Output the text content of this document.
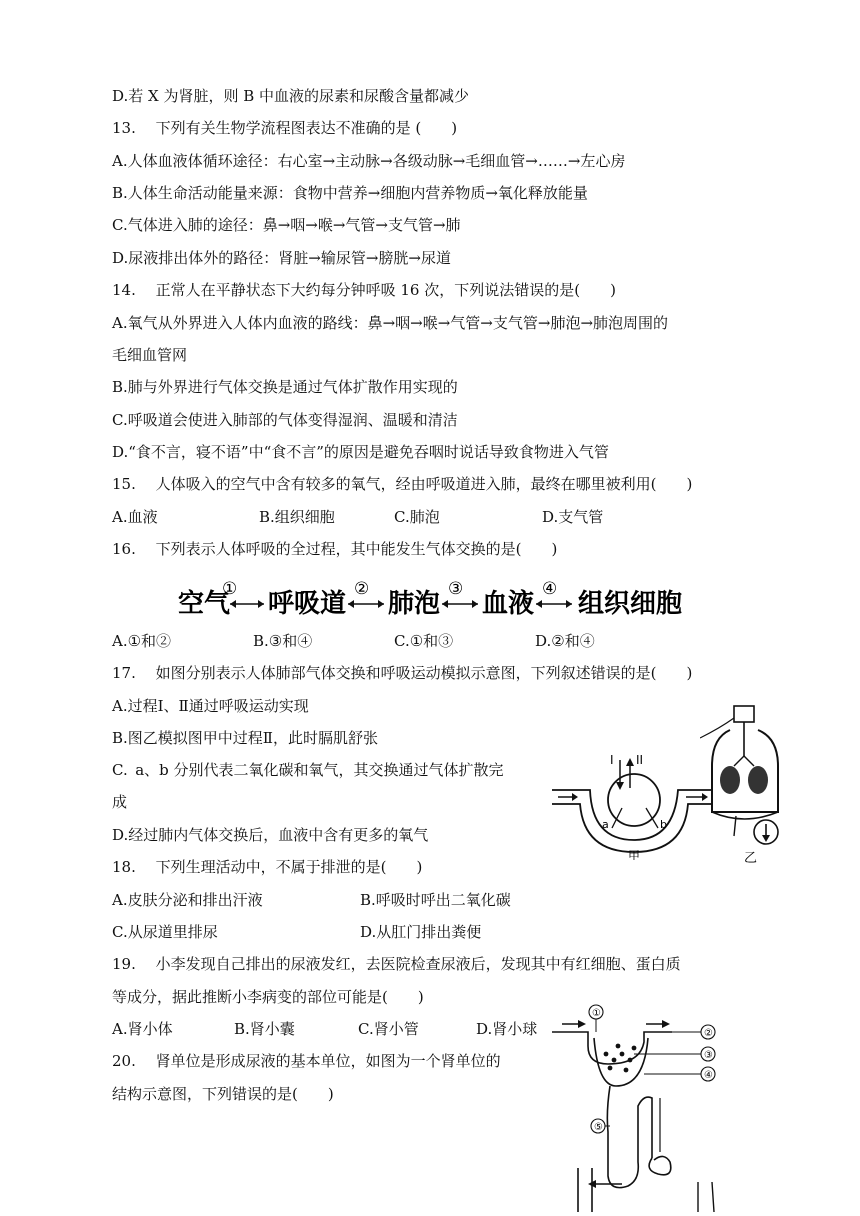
D.若 X 为肾脏，则 B 中血液的尿素和尿酸含量都减少
13.　 下列有关生物学流程图表达不准确的是 (　　)
A.人体血液体循环途径：右心室→主动脉→各级动脉→毛细血管→……→左心房
B.人体生命活动能量来源：食物中营养→细胞内营养物质→氧化释放能量
C.气体进入肺的途径：鼻→咽→喉→气管→支气管→肺
D.尿液排出体外的路径：肾脏→输尿管→膀胱→尿道
14.　 正常人在平静状态下大约每分钟呼吸 16 次，下列说法错误的是(　　)
A.氧气从外界进入人体内血液的路线：鼻→咽→喉→气管→支气管→肺泡→肺泡周围的
毛细血管网
B.肺与外界进行气体交换是通过气体扩散作用实现的
C.呼吸道会使进入肺部的气体变得湿润、温暖和清洁
D.“食不言，寝不语”中“食不言”的原因是避免吞咽时说话导致食物进入气管
15.　 人体吸入的空气中含有较多的氧气，经由呼吸道进入肺，最终在哪里被利用(　　)
A.血液	B.组织细胞	C.肺泡	D.支气管
16.　 下列表示人体呼吸的全过程，其中能发生气体交换的是(　　)
空气
① 呼吸道 ② 肺泡 ③ 血液 ④ 组织细胞
A.①和②	B.③和④	C.①和③	D.②和④
17.　 如图分别表示人体肺部气体交换和呼吸运动模拟示意图，下列叙述错误的是(　　)
A.过程Ⅰ、Ⅱ通过呼吸运动实现
B.图乙模拟图甲中过程Ⅱ，此时膈肌舒张
C. a、b 分别代表二氧化碳和氧气，其交换通过气体扩散完
成
D.经过肺内气体交换后，血液中含有更多的氧气
I II
a	b
甲	乙
18.　 下列生理活动中，不属于排泄的是(　　)
A.皮肤分泌和排出汗液	B.呼吸时呼出二氧化碳
C.从尿道里排尿	D.从肛门排出粪便
19.　 小李发现自己排出的尿液发红，去医院检查尿液后，发现其中有红细胞、蛋白质
等成分，据此推断小李病变的部位可能是(　　)
A.肾小体	B.肾小囊	C.肾小管	D.肾小球
20.　 肾单位是形成尿液的基本单位，如图为一个肾单位的
结构示意图，下列错误的是(　　)
①
②
③
④
⑤
